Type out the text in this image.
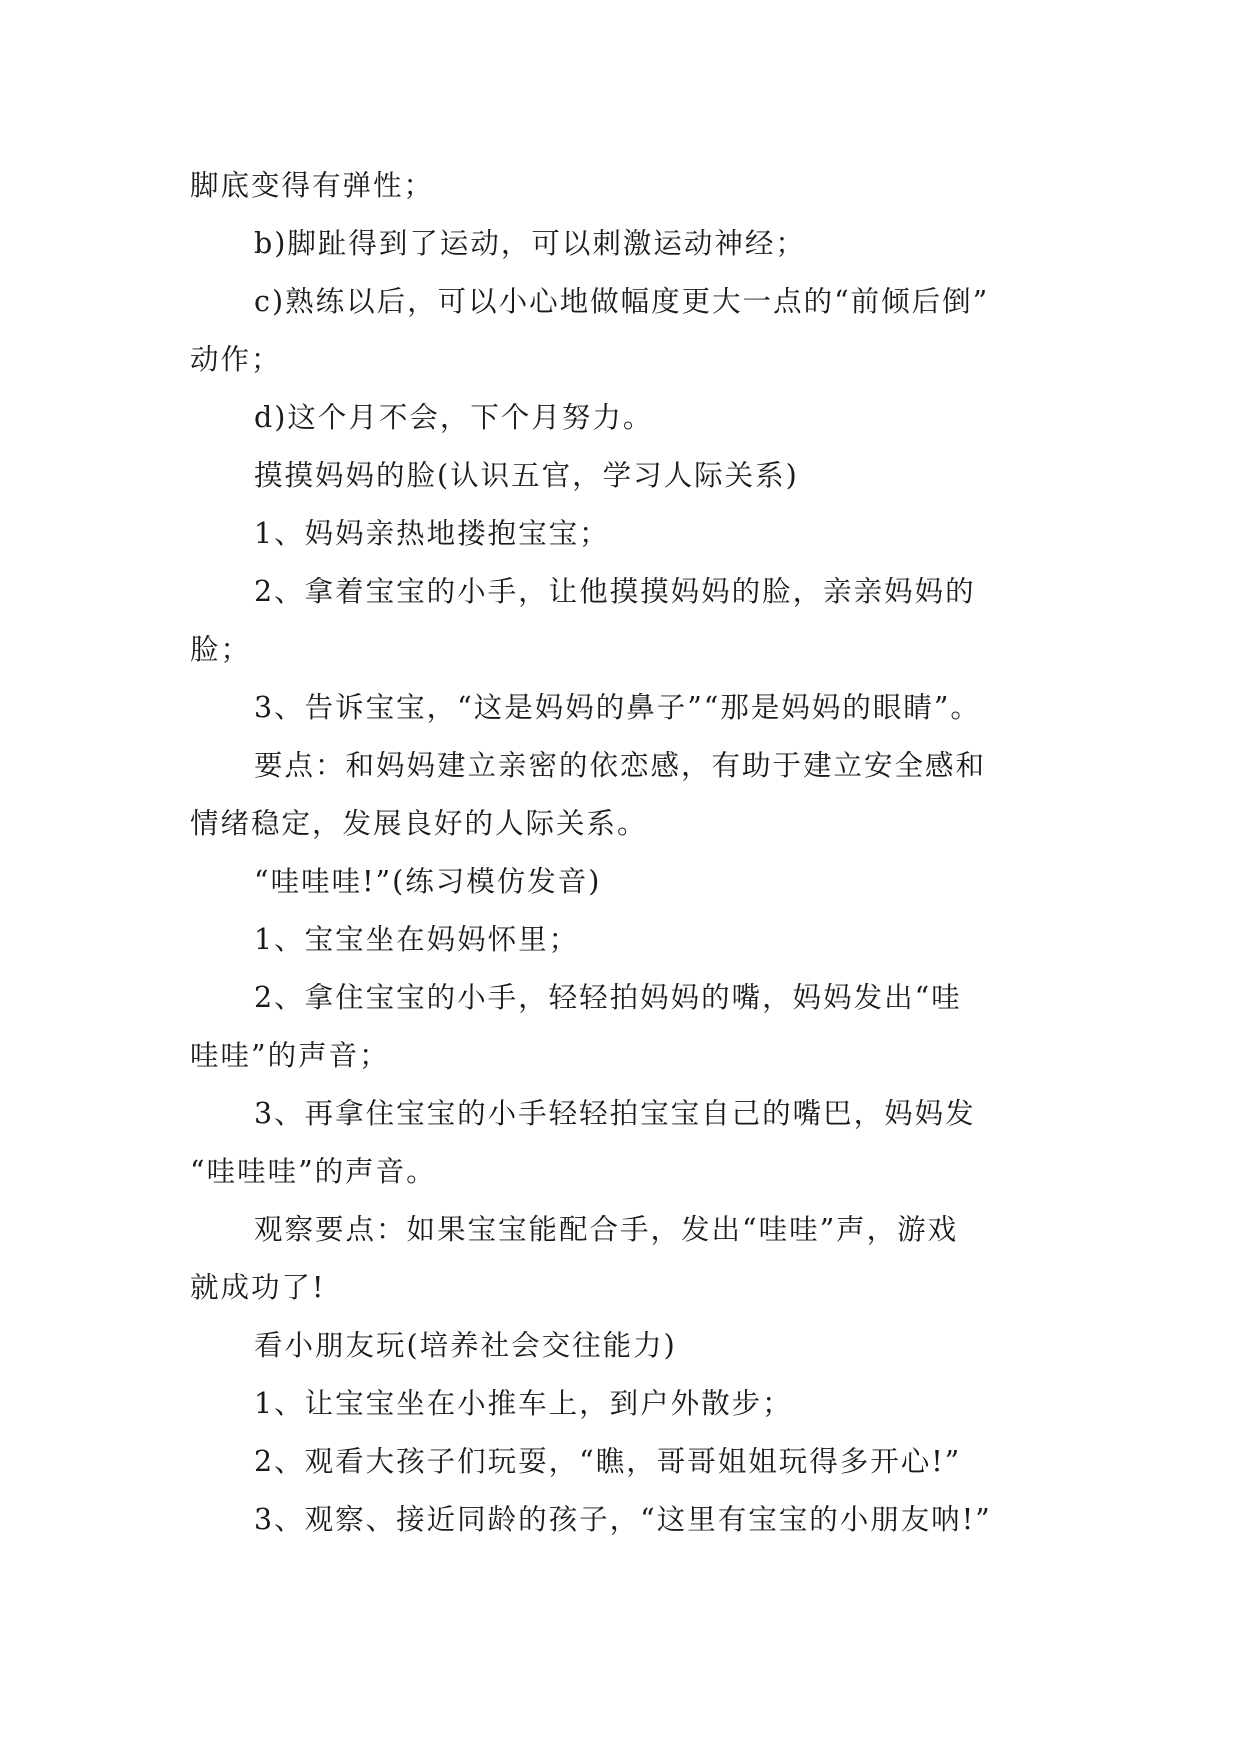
脚底变得有弹性；
b)脚趾得到了运动，可以刺激运动神经；
c)熟练以后，可以小心地做幅度更大一点的“前倾后倒”
动作；
d)这个月不会，下个月努力。
摸摸妈妈的脸(认识五官，学习人际关系)
1、妈妈亲热地搂抱宝宝；
2、拿着宝宝的小手，让他摸摸妈妈的脸，亲亲妈妈的
脸；
3、告诉宝宝，“这是妈妈的鼻子”“那是妈妈的眼睛”。
要点：和妈妈建立亲密的依恋感，有助于建立安全感和
情绪稳定，发展良好的人际关系。
“哇哇哇!”(练习模仿发音)
1、宝宝坐在妈妈怀里；
2、拿住宝宝的小手，轻轻拍妈妈的嘴，妈妈发出“哇
哇哇”的声音；
3、再拿住宝宝的小手轻轻拍宝宝自己的嘴巴，妈妈发
“哇哇哇”的声音。
观察要点：如果宝宝能配合手，发出“哇哇”声，游戏
就成功了!
看小朋友玩(培养社会交往能力)
1、让宝宝坐在小推车上，到户外散步；
2、观看大孩子们玩耍，“瞧，哥哥姐姐玩得多开心!”
3、观察、接近同龄的孩子，“这里有宝宝的小朋友呐!”
